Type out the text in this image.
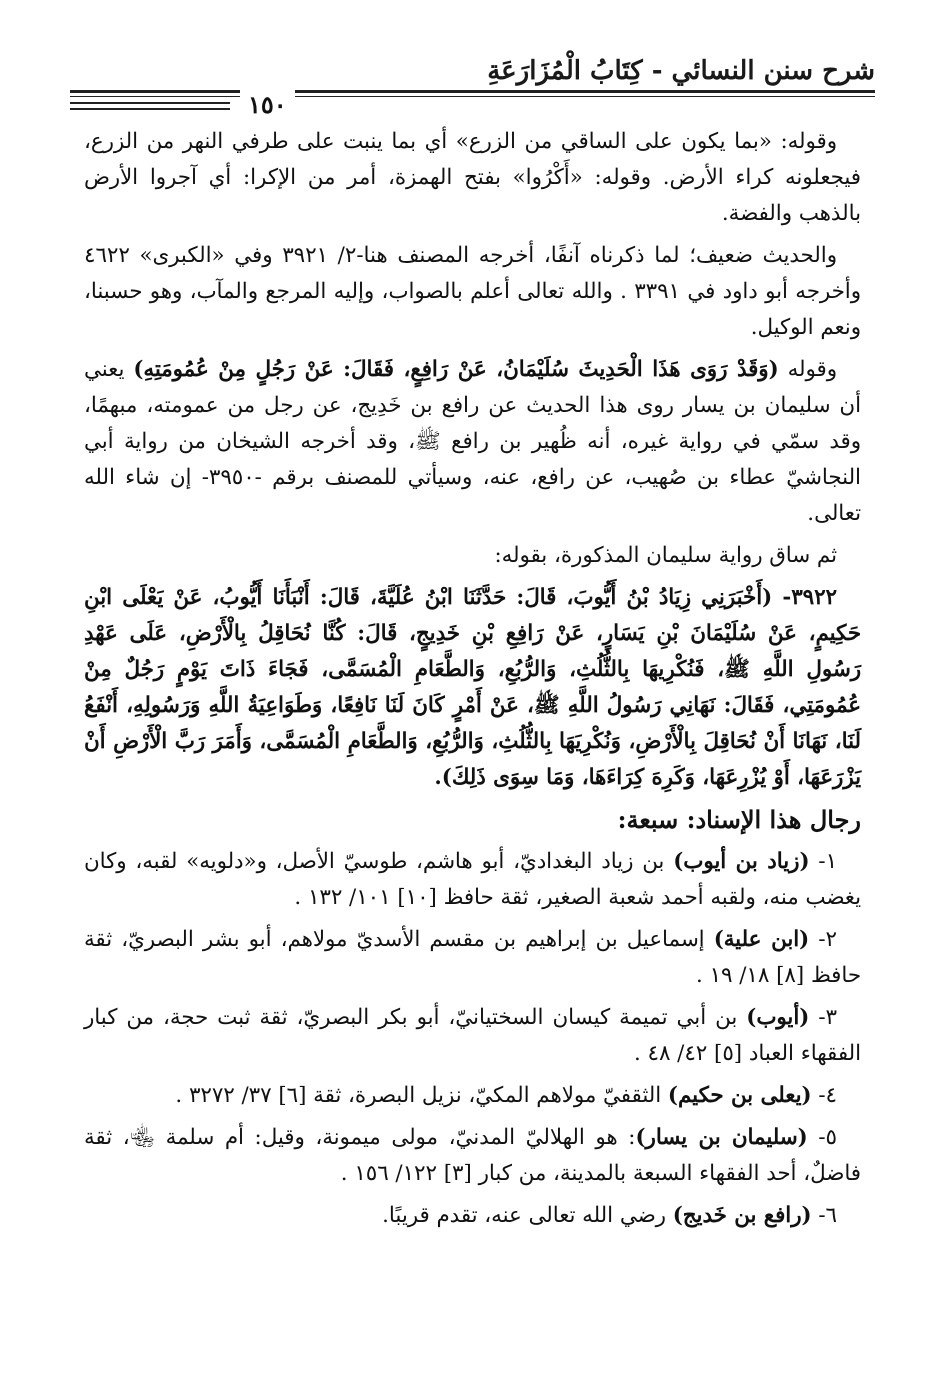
شرح سنن النسائي - كِتَابُ الْمُزَارَعَةِ
١٥٠

وقوله: «بما يكون على الساقي من الزرع» أي بما ينبت على طرفي النهر من الزرع، فيجعلونه كراء الأرض. وقوله: «أَكْرُوا» بفتح الهمزة، أمر من الإكرا: أي آجروا الأرض بالذهب والفضة.

والحديث ضعيف؛ لما ذكرناه آنفًا، أخرجه المصنف هنا-٢/ ٣٩٢١ وفي «الكبرى» ٤٦٢٢ وأخرجه أبو داود في ٣٣٩١ . والله تعالى أعلم بالصواب، وإليه المرجع والمآب، وهو حسبنا، ونعم الوكيل.

وقوله (وَقَدْ رَوَى هَذَا الْحَدِيثَ سُلَيْمَانُ، عَنْ رَافِعٍ، فَقَالَ: عَنْ رَجُلٍ مِنْ عُمُومَتِهِ) يعني أن سليمان بن يسار روى هذا الحديث عن رافع بن خَدِيج، عن رجل من عمومته، مبهمًا، وقد سمّي في رواية غيره، أنه ظُهير بن رافع ﷺ، وقد أخرجه الشيخان من رواية أبي النجاشيّ عطاء بن صُهيب، عن رافع، عنه، وسيأتي للمصنف برقم -٣٩٥٠- إن شاء الله تعالى.

ثم ساق رواية سليمان المذكورة، بقوله:

٣٩٢٢- (أَخْبَرَنِي زِيَادُ بْنُ أَيُّوبَ، قَالَ: حَدَّثَنَا ابْنُ عُلَيَّةَ، قَالَ: أَنْبَأَنَا أَيُّوبُ، عَنْ يَعْلَى ابْنِ حَكِيمٍ، عَنْ سُلَيْمَانَ بْنِ يَسَارٍ، عَنْ رَافِعِ بْنِ خَدِيجٍ، قَالَ: كُنَّا نُحَاقِلُ بِالْأَرْضِ، عَلَى عَهْدِ رَسُولِ اللَّهِ ﷺ، فَنُكْرِيهَا بِالثُّلُثِ، وَالرُّبُعِ، وَالطَّعَامِ الْمُسَمَّى، فَجَاءَ ذَاتَ يَوْمٍ رَجُلٌ مِنْ عُمُومَتِي، فَقَالَ: نَهَانِي رَسُولُ اللَّهِ ﷺ، عَنْ أَمْرٍ كَانَ لَنَا نَافِعًا، وَطَوَاعِيَةُ اللَّهِ وَرَسُولِهِ، أَنْفَعُ لَنَا، نَهَانَا أَنْ نُحَاقِلَ بِالْأَرْضِ، وَنُكْرِيَهَا بِالثُّلُثِ، وَالرُّبُعِ، وَالطَّعَامِ الْمُسَمَّى، وَأَمَرَ رَبَّ الْأَرْضِ أَنْ يَزْرَعَهَا، أَوْ يُزْرِعَهَا، وَكَرِهَ كِرَاءَهَا، وَمَا سِوَى ذَلِكَ).

رجال هذا الإسناد: سبعة:

١- (زياد بن أيوب) بن زياد البغداديّ، أبو هاشم، طوسيّ الأصل، و«دلويه» لقبه، وكان يغضب منه، ولقبه أحمد شعبة الصغير، ثقة حافظ [١٠] ١٠١/ ١٣٢ .

٢- (ابن علية) إسماعيل بن إبراهيم بن مقسم الأسديّ مولاهم، أبو بشر البصريّ، ثقة حافظ [٨] ١٨/ ١٩ .

٣- (أيوب) بن أبي تميمة كيسان السختيانيّ، أبو بكر البصريّ، ثقة ثبت حجة، من كبار الفقهاء العباد [٥] ٤٢/ ٤٨ .

٤- (يعلى بن حكيم) الثقفيّ مولاهم المكيّ، نزيل البصرة، ثقة [٦] ٣٧/ ٣٢٧٢ .

٥- (سليمان بن يسار): هو الهلاليّ المدنيّ، مولى ميمونة، وقيل: أم سلمة ﵄، ثقة فاضلٌ، أحد الفقهاء السبعة بالمدينة، من كبار [٣] ١٢٢/ ١٥٦ .

٦- (رافع بن خَديج) رضي الله تعالى عنه، تقدم قريبًا.
